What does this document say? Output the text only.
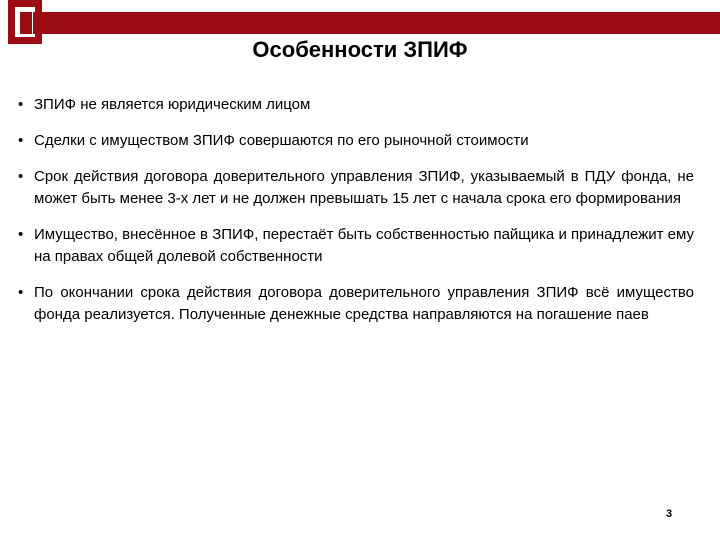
Особенности ЗПИФ
• ЗПИФ не является юридическим лицом
• Сделки с имуществом ЗПИФ совершаются по его рыночной стоимости
• Срок действия договора доверительного управления ЗПИФ, указываемый в ПДУ фонда, не может быть менее 3-х лет и не должен превышать 15 лет с начала срока его формирования
• Имущество, внесённое в ЗПИФ, перестаёт быть собственностью пайщика и принадлежит ему на правах общей долевой собственности
• По окончании срока действия договора доверительного управления ЗПИФ всё имущество фонда реализуется. Полученные денежные средства направляются на погашение паев
3
